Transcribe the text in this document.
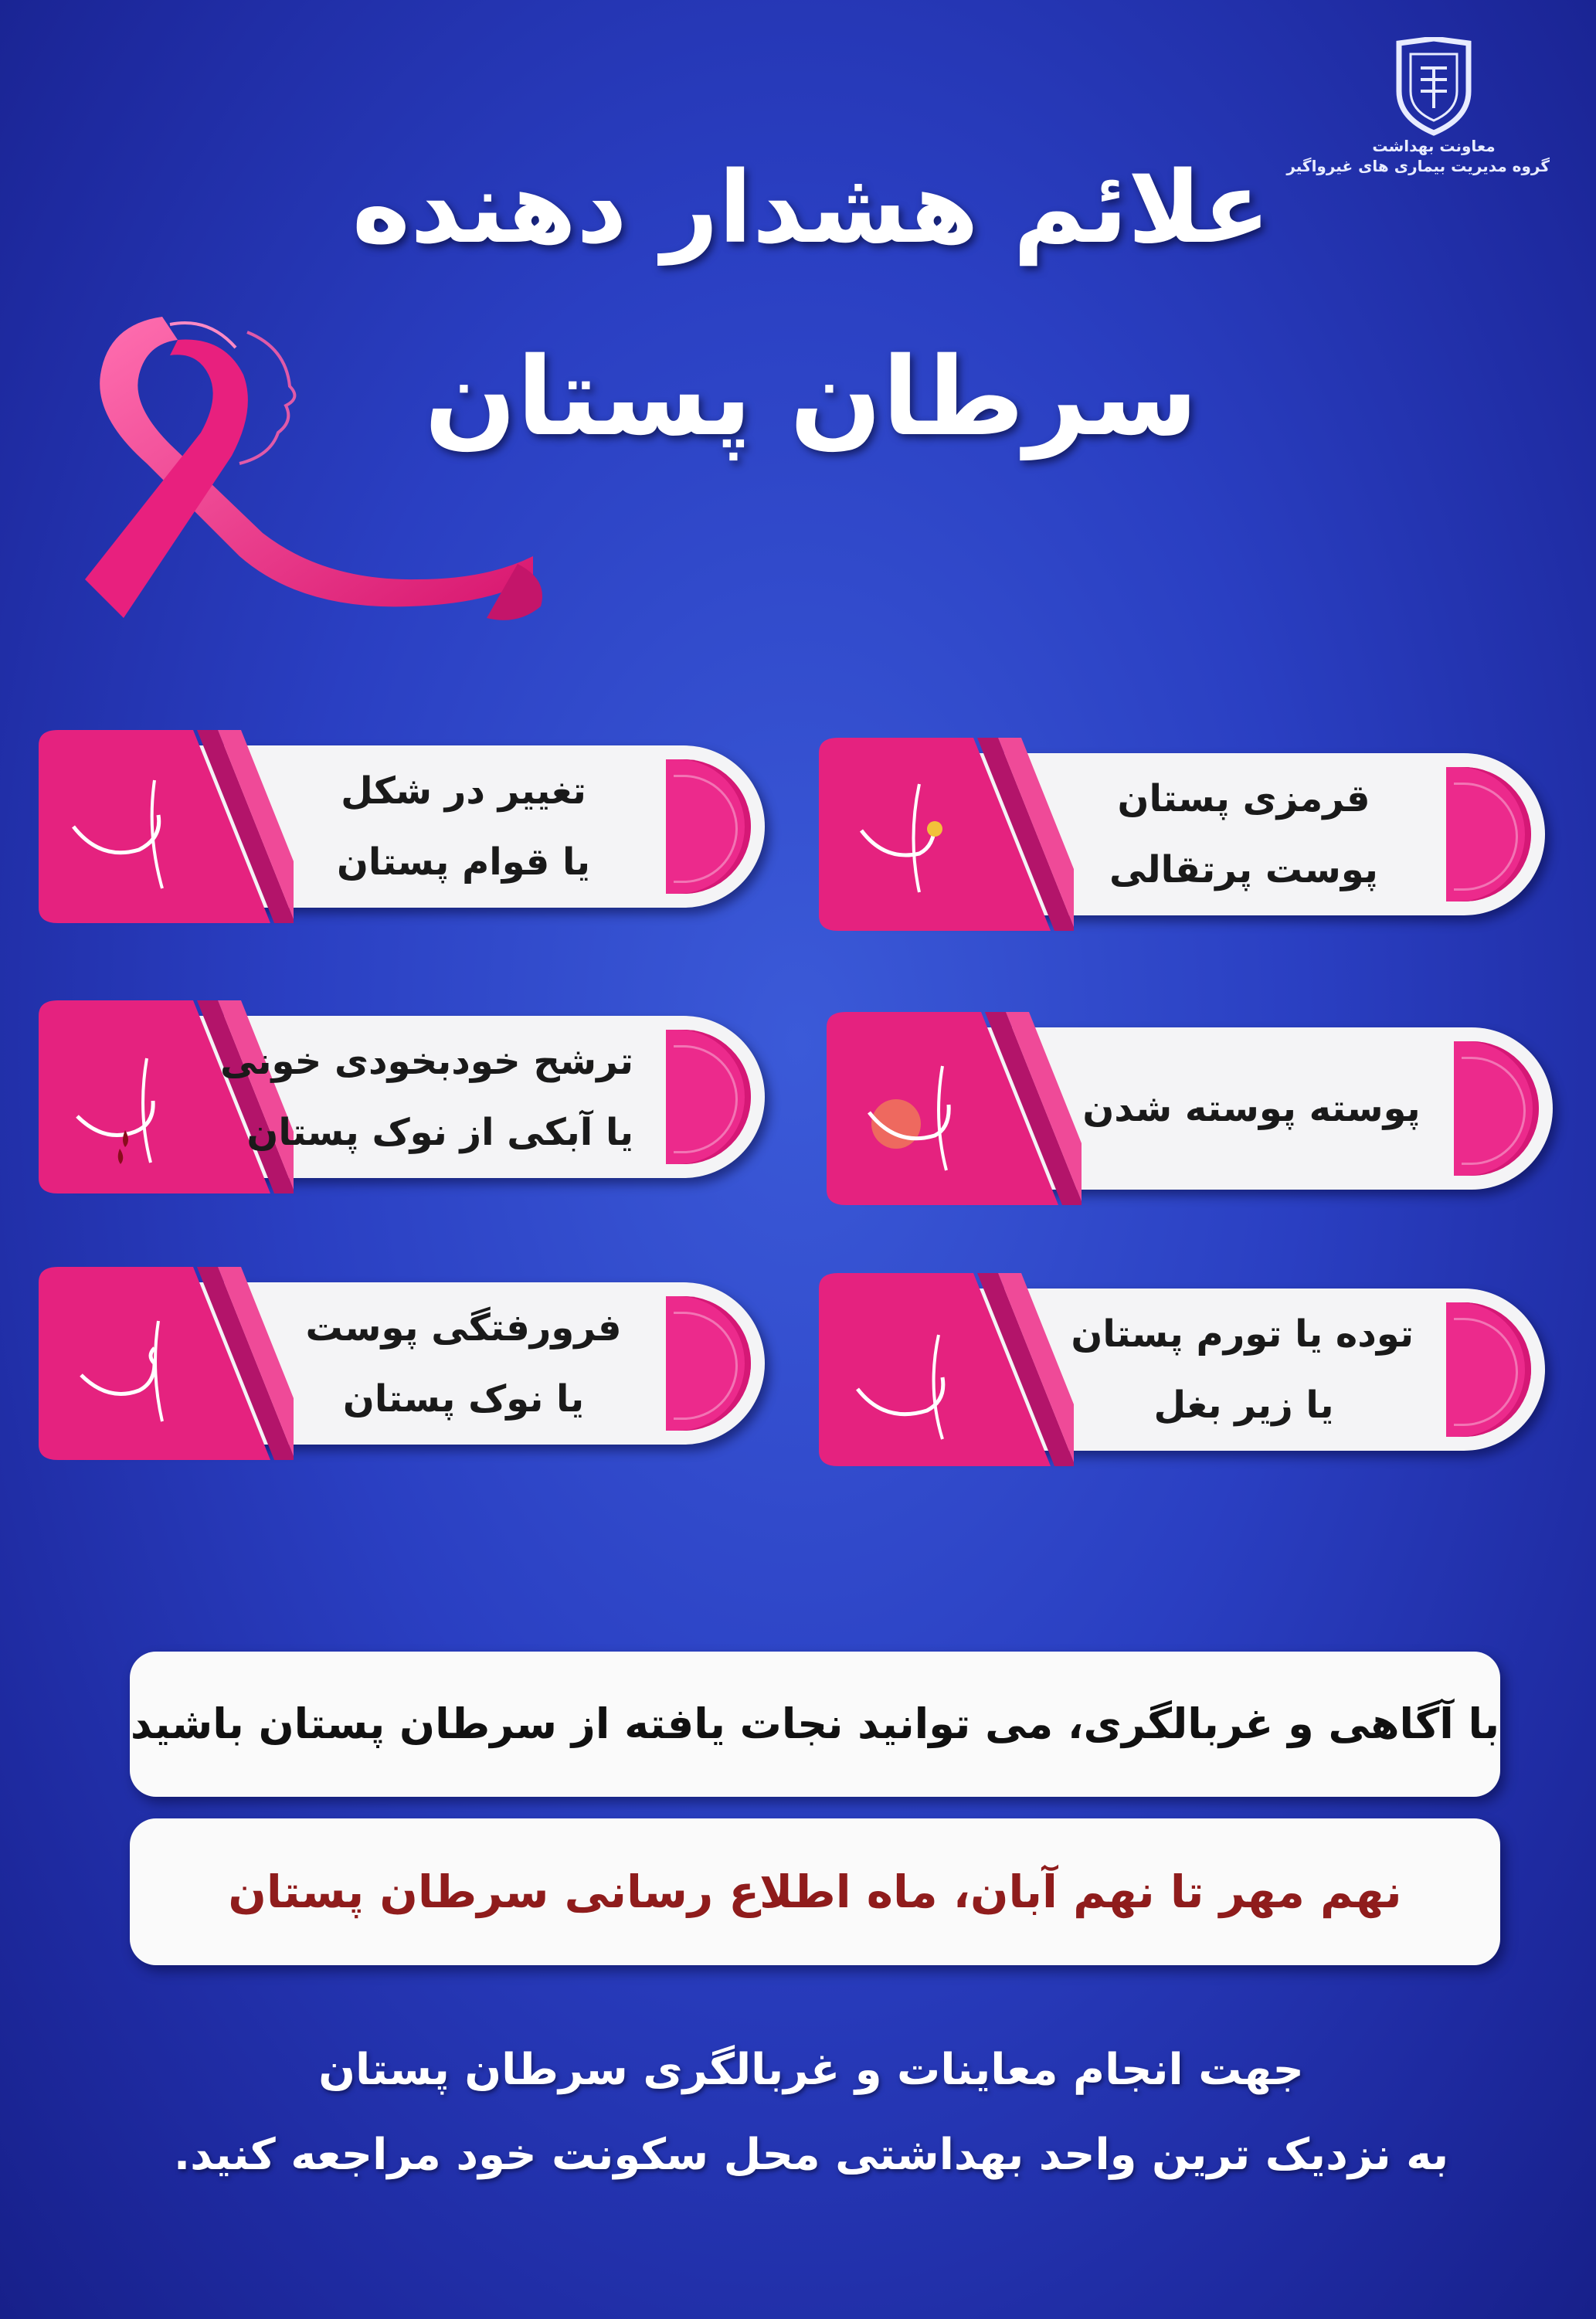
معاونت بهداشت
گروه مدیریت بیماری های غیرواگیر
علائم هشدار دهنده
سرطان پستان
قرمزی پستان
پوست پرتقالی
تغییر در شکل
یا قوام پستان
پوسته پوسته شدن
ترشح خودبخودی خونی
یا آبکی از نوک پستان
توده یا تورم پستان
یا زیر بغل
فرورفتگی پوست
یا نوک پستان
با آگاهی و غربالگری، می توانید نجات یافته از سرطان پستان باشید
نهم مهر تا نهم آبان، ماه اطلاع رسانی سرطان پستان
جهت انجام معاینات و غربالگری سرطان پستان
به نزدیک ترین واحد بهداشتی محل سکونت خود مراجعه کنید.
